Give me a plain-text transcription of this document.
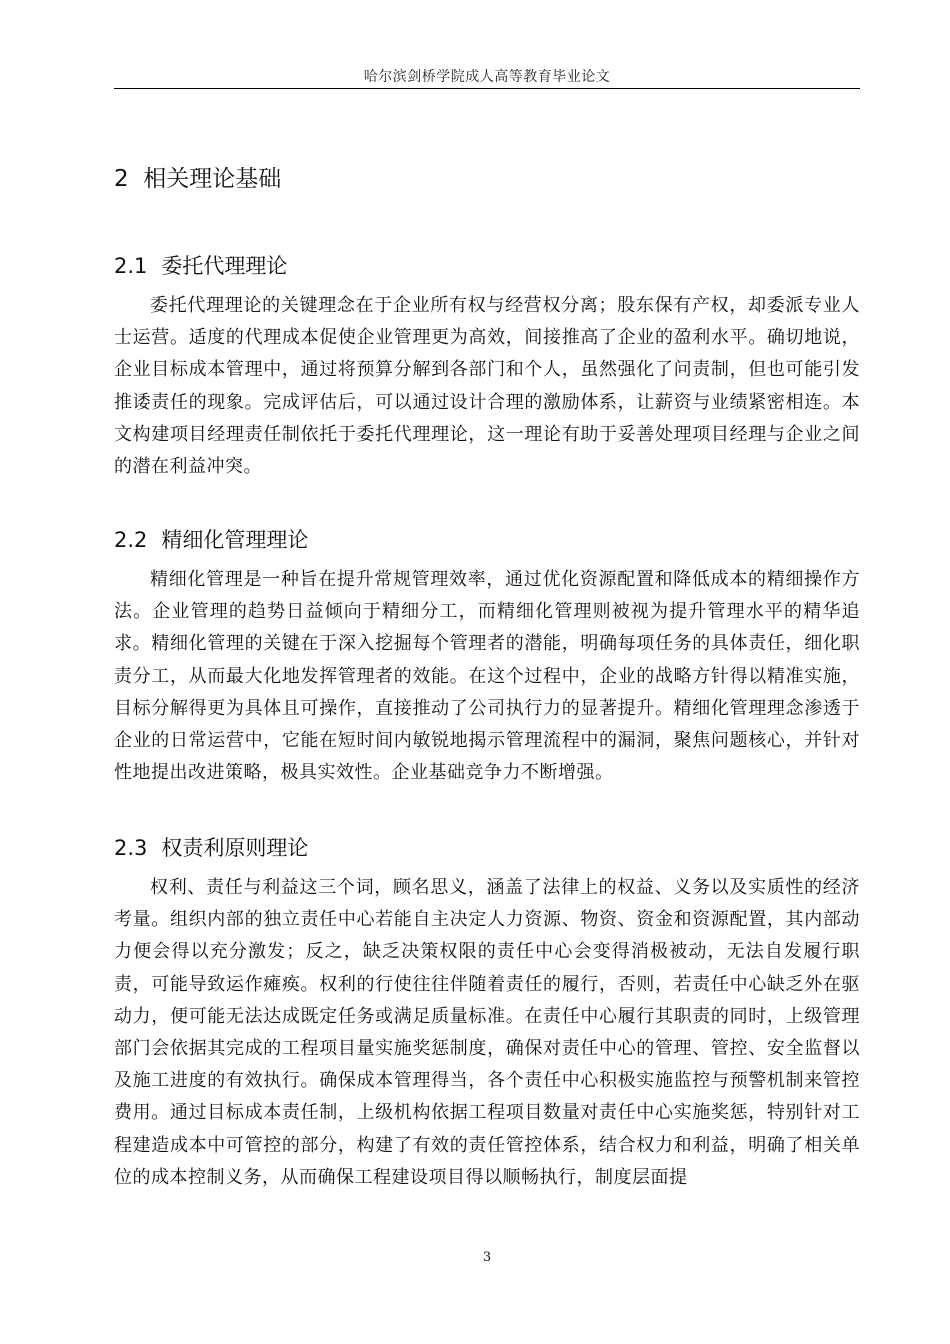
哈尔滨剑桥学院成人高等教育毕业论文
2 相关理论基础
2.1 委托代理理论

委托代理理论的关键理念在于企业所有权与经营权分离；股东保有产权，却委派专业人士运营。适度的代理成本促使企业管理更为高效，间接推高了企业的盈利水平。确切地说，企业目标成本管理中，通过将预算分解到各部门和个人，虽然强化了问责制，但也可能引发推诿责任的现象。完成评估后，可以通过设计合理的激励体系，让薪资与业绩紧密相连。本文构建项目经理责任制依托于委托代理理论，这一理论有助于妥善处理项目经理与企业之间的潜在利益冲突。

2.2 精细化管理理论

精细化管理是一种旨在提升常规管理效率，通过优化资源配置和降低成本的精细操作方法。企业管理的趋势日益倾向于精细分工，而精细化管理则被视为提升管理水平的精华追求。精细化管理的关键在于深入挖掘每个管理者的潜能，明确每项任务的具体责任，细化职责分工，从而最大化地发挥管理者的效能。在这个过程中，企业的战略方针得以精准实施，目标分解得更为具体且可操作，直接推动了公司执行力的显著提升。精细化管理理念渗透于企业的日常运营中，它能在短时间内敏锐地揭示管理流程中的漏洞，聚焦问题核心，并针对性地提出改进策略，极具实效性。企业基础竞争力不断增强。

2.3 权责利原则理论

权利、责任与利益这三个词，顾名思义，涵盖了法律上的权益、义务以及实质性的经济考量。组织内部的独立责任中心若能自主决定人力资源、物资、资金和资源配置，其内部动力便会得以充分激发；反之，缺乏决策权限的责任中心会变得消极被动，无法自发履行职责，可能导致运作瘫痪。权利的行使往往伴随着责任的履行，否则，若责任中心缺乏外在驱动力，便可能无法达成既定任务或满足质量标准。在责任中心履行其职责的同时，上级管理部门会依据其完成的工程项目量实施奖惩制度，确保对责任中心的管理、管控、安全监督以及施工进度的有效执行。确保成本管理得当，各个责任中心积极实施监控与预警机制来管控费用。通过目标成本责任制，上级机构依据工程项目数量对责任中心实施奖惩，特别针对工程建造成本中可管控的部分，构建了有效的责任管控体系，结合权力和利益，明确了相关单位的成本控制义务，从而确保工程建设项目得以顺畅执行，制度层面提

3
